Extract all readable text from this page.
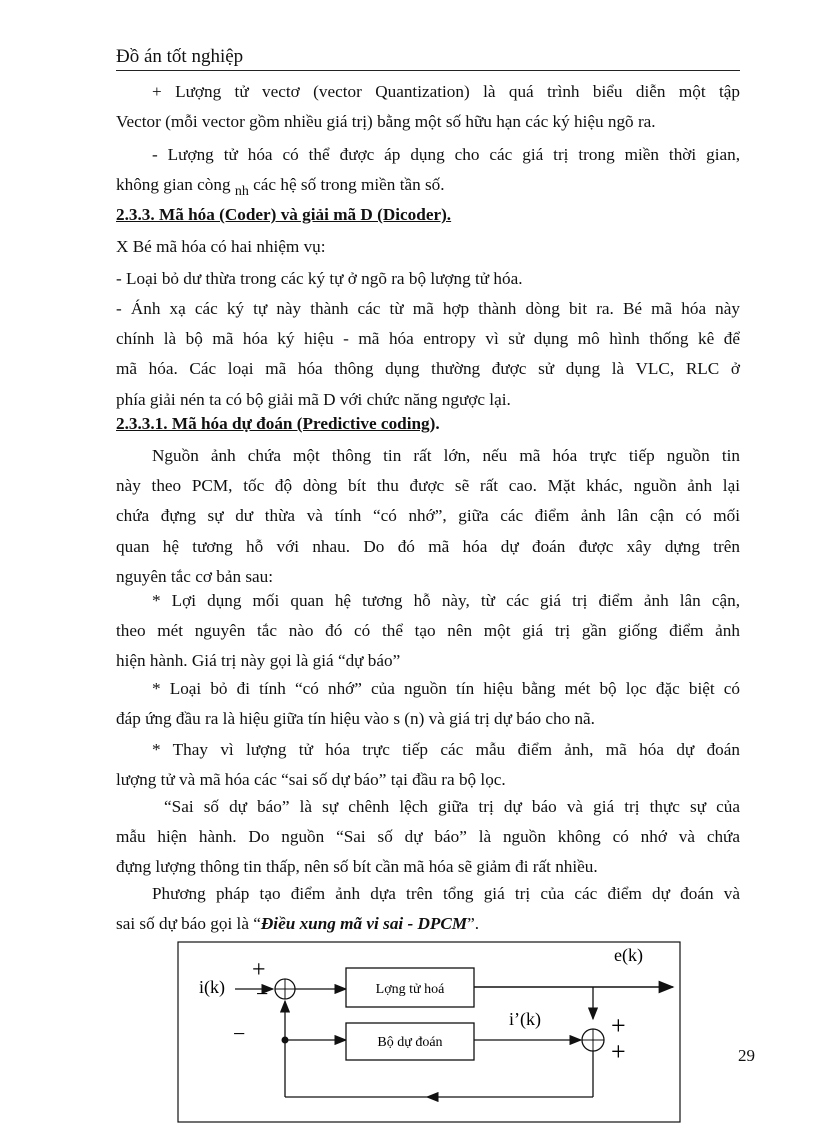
Đồ án tốt nghiệp
+ Lượng tử vectơ (vector Quantization) là quá trình biểu diễn một tập
Vector (mỗi vector gồm nhiều giá trị) bằng một số hữu hạn các ký hiệu ngõ ra.
- Lượng tử hóa có thể được áp dụng cho các giá trị trong miền thời gian,
không gian còng $_{nh}$ các hệ số trong miền tần số.
2.3.3. Mã hóa (Coder) và giải mã D (Dicoder).
X Bé mã hóa có hai nhiệm vụ:
- Loại bỏ dư thừa trong các ký tự ở ngõ ra bộ lượng tử hóa.
- Ánh xạ các ký tự này thành các từ mã hợp thành dòng bit ra. Bé mã hóa này
chính là bộ mã hóa ký hiệu - mã hóa entropy vì sử dụng mô hình thống kê để
mã hóa. Các loại mã hóa thông dụng thường được sử dụng là VLC, RLC ở
phía giải nén ta có bộ giải mã D với chức năng ngược lại.
2.3.3.1. Mã hóa dự đoán (Predictive coding).
Nguồn ảnh chứa một thông tin rất lớn, nếu mã hóa trực tiếp nguồn tin
này theo PCM, tốc độ dòng bít thu được sẽ rất cao. Mặt khác, nguồn ảnh lại
chứa đựng sự dư thừa và tính “có nhớ”, giữa các điểm ảnh lân cận có mối
quan hệ tương hỗ với nhau. Do đó mã hóa dự đoán được xây dựng trên
nguyên tắc cơ bản sau:
* Lợi dụng mối quan hệ tương hỗ này, từ các giá trị điểm ảnh lân cận,
theo mét nguyên tắc nào đó có thể tạo nên một giá trị gần giống điểm ảnh
hiện hành. Giá trị này gọi là giá “dự báo”
* Loại bỏ đi tính “có nhớ” của nguồn tín hiệu bằng mét bộ lọc đặc biệt có
đáp ứng đầu ra là hiệu giữa tín hiệu vào s (n) và giá trị dự báo cho nã.
* Thay vì lượng tử hóa trực tiếp các mẫu điểm ảnh, mã hóa dự đoán
lượng tử và mã hóa các “sai số dự báo” tại đầu ra bộ lọc.
“Sai số dự báo” là sự chênh lệch giữa trị dự báo và giá trị thực sự của
mẫu hiện hành. Do nguồn “Sai số dự báo” là nguồn không có nhớ và chứa
đựng lượng thông tin thấp, nên số bít cần mã hóa sẽ giảm đi rất nhiều.
Phương pháp tạo điểm ảnh dựa trên tổng giá trị của các điểm dự đoán và
sai số dự báo gọi là “Điều xung mã vi sai - DPCM”.
i(k)
+
−
−
Lợng tử hoá
e(k)
+
+
Bộ dự đoán
i’(k)
29
